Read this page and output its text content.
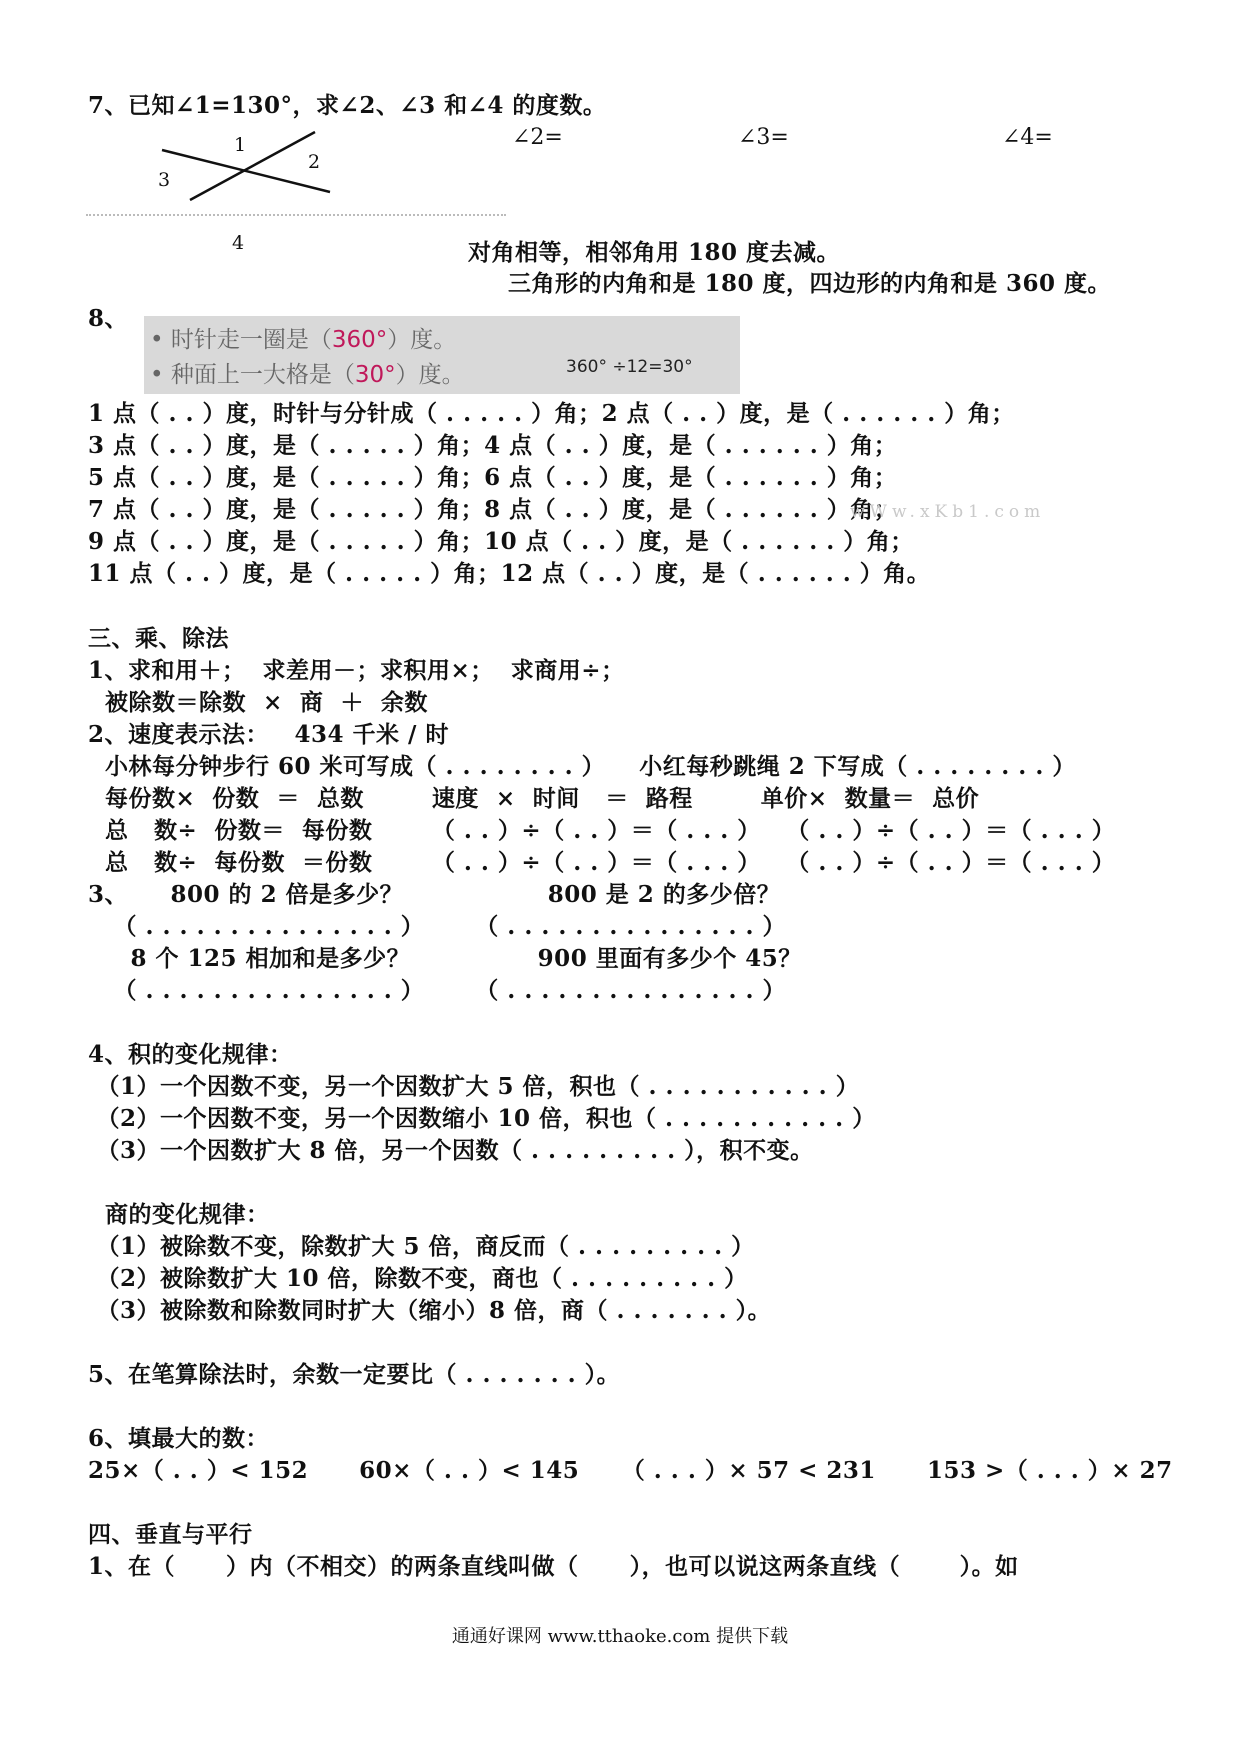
7、已知∠1=130°，求∠2、∠3 和∠4 的度数。
1
2
3
4
∠2=	∠3=	∠4=
对角相等，相邻角用 180 度去减。
三角形的内角和是 180 度，四边形的内角和是 360 度。
8、
• 时针走一圈是（360°）度。
• 种面上一大格是（30°）度。	360° ÷12=30°
1 点（ . . ）度，时针与分针成（ . . . . . ）角；2 点（ . . ）度，是（ . . . . . . ）角；
3 点（ . . ）度，是（ . . . . . ）角；4 点（ . . ）度，是（ . . . . . . ）角；
5 点（ . . ）度，是（ . . . . . ）角；6 点（ . . ）度，是（ . . . . . . ）角；
7 点（ . . ）度，是（ . . . . . ）角；8 点（ . . ）度，是（ . . . . . . ）角；
9 点（ . . ）度，是（ . . . . . ）角；10 点（ . . ）度，是（ . . . . . . ）角；
11 点（ . . ）度，是（ . . . . . ）角；12 点（ . . ）度，是（ . . . . . . ）角。
wWw.xKb1.com
三、乘、除法
1、求和用＋；  求差用－；求积用×；  求商用÷；
被除数＝除数  ×  商  ＋  余数
2、速度表示法：   434 千米 / 时
小林每分钟步行 60 米可写成（ . . . . . . . . ）    小红每秒跳绳 2 下写成（ . . . . . . . . ）
每份数×  份数  ＝  总数        速度  ×  时间   ＝  路程        单价×  数量＝  总价
总   数÷  份数＝  每份数       （ . . ）÷（ . . ）＝（ . . . ）   （ . . ）÷（ . . ）＝（ . . . ）
总   数÷  每份数  ＝份数       （ . . ）÷（ . . ）＝（ . . . ）   （ . . ）÷（ . . ）＝（ . . . ）
3、     800 的 2 倍是多少？                 800 是 2 的多少倍？
（ . . . . . . . . . . . . . . . ）      （ . . . . . . . . . . . . . . . ）
8 个 125 相加和是多少？               900 里面有多少个 45？
（ . . . . . . . . . . . . . . . ）      （ . . . . . . . . . . . . . . . ）
4、积的变化规律：
（1）一个因数不变，另一个因数扩大 5 倍，积也（ . . . . . . . . . . . ）
（2）一个因数不变，另一个因数缩小 10 倍，积也（ . . . . . . . . . . . ）
（3）一个因数扩大 8 倍，另一个因数（ . . . . . . . . . ），积不变。
商的变化规律：
（1）被除数不变，除数扩大 5 倍，商反而（ . . . . . . . . . ）
（2）被除数扩大 10 倍，除数不变，商也（ . . . . . . . . . ）
（3）被除数和除数同时扩大（缩小）8 倍，商（ . . . . . . . ）。
5、在笔算除法时，余数一定要比（ . . . . . . . ）。
6、填最大的数：
25×（ . . ）< 152      60×（ . . ）< 145     （ . . . ）× 57 < 231      153 >（ . . . ）× 27
四、垂直与平行
1、在（      ）内（不相交）的两条直线叫做（      ），也可以说这两条直线（       ）。如
通通好课网 www.tthaoke.com 提供下载
